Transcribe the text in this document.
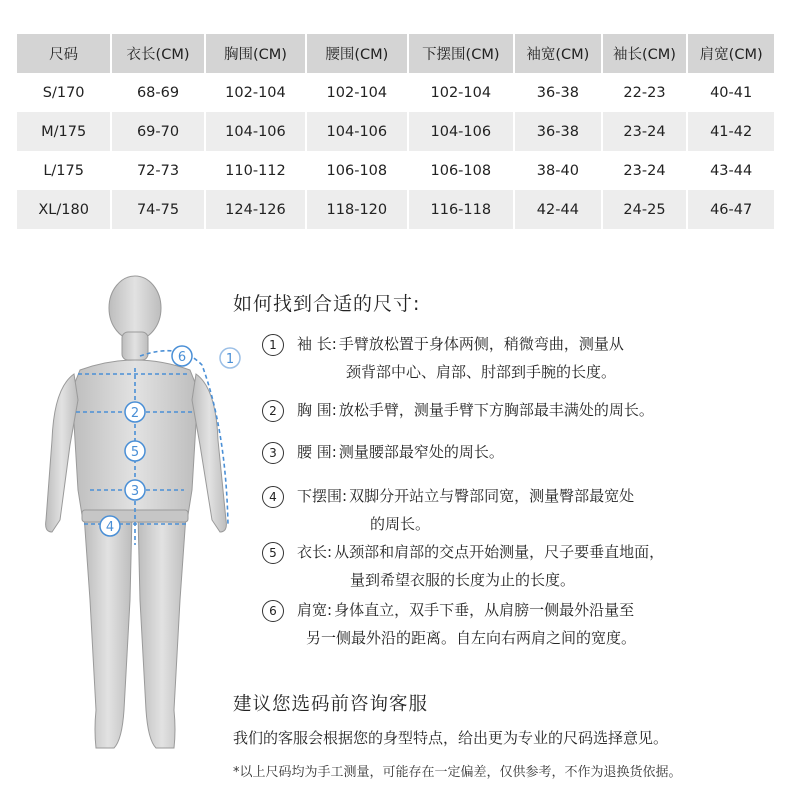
尺码	衣长(CM)	胸围(CM)	腰围(CM)	下摆围(CM)	袖宽(CM)	袖长(CM)	肩宽(CM)
S/170	68-69	102-104	102-104	102-104	36-38	22-23	40-41
M/175	69-70	104-106	104-106	104-106	36-38	23-24	41-42
L/175	72-73	110-112	106-108	106-108	38-40	23-24	43-44
XL/180	74-75	124-126	118-120	116-118	42-44	24-25	46-47
6	1
2
5
3
4
如何找到合适的尺寸:
1 袖 长: 手臂放松置于身体两侧，稍微弯曲，测量从
颈背部中心、肩部、肘部到手腕的长度。
2 胸 围: 放松手臂，测量手臂下方胸部最丰满处的周长。
3 腰 围: 测量腰部最窄处的周长。
4 下摆围: 双脚分开站立与臀部同宽，测量臀部最宽处
的周长。
5 衣长: 从颈部和肩部的交点开始测量，尺子要垂直地面，
量到希望衣服的长度为止的长度。
6 肩宽: 身体直立，双手下垂，从肩膀一侧最外沿量至
另一侧最外沿的距离。自左向右两肩之间的宽度。
建议您选码前咨询客服
我们的客服会根据您的身型特点，给出更为专业的尺码选择意见。
*以上尺码均为手工测量，可能存在一定偏差，仅供参考，不作为退换货依据。
